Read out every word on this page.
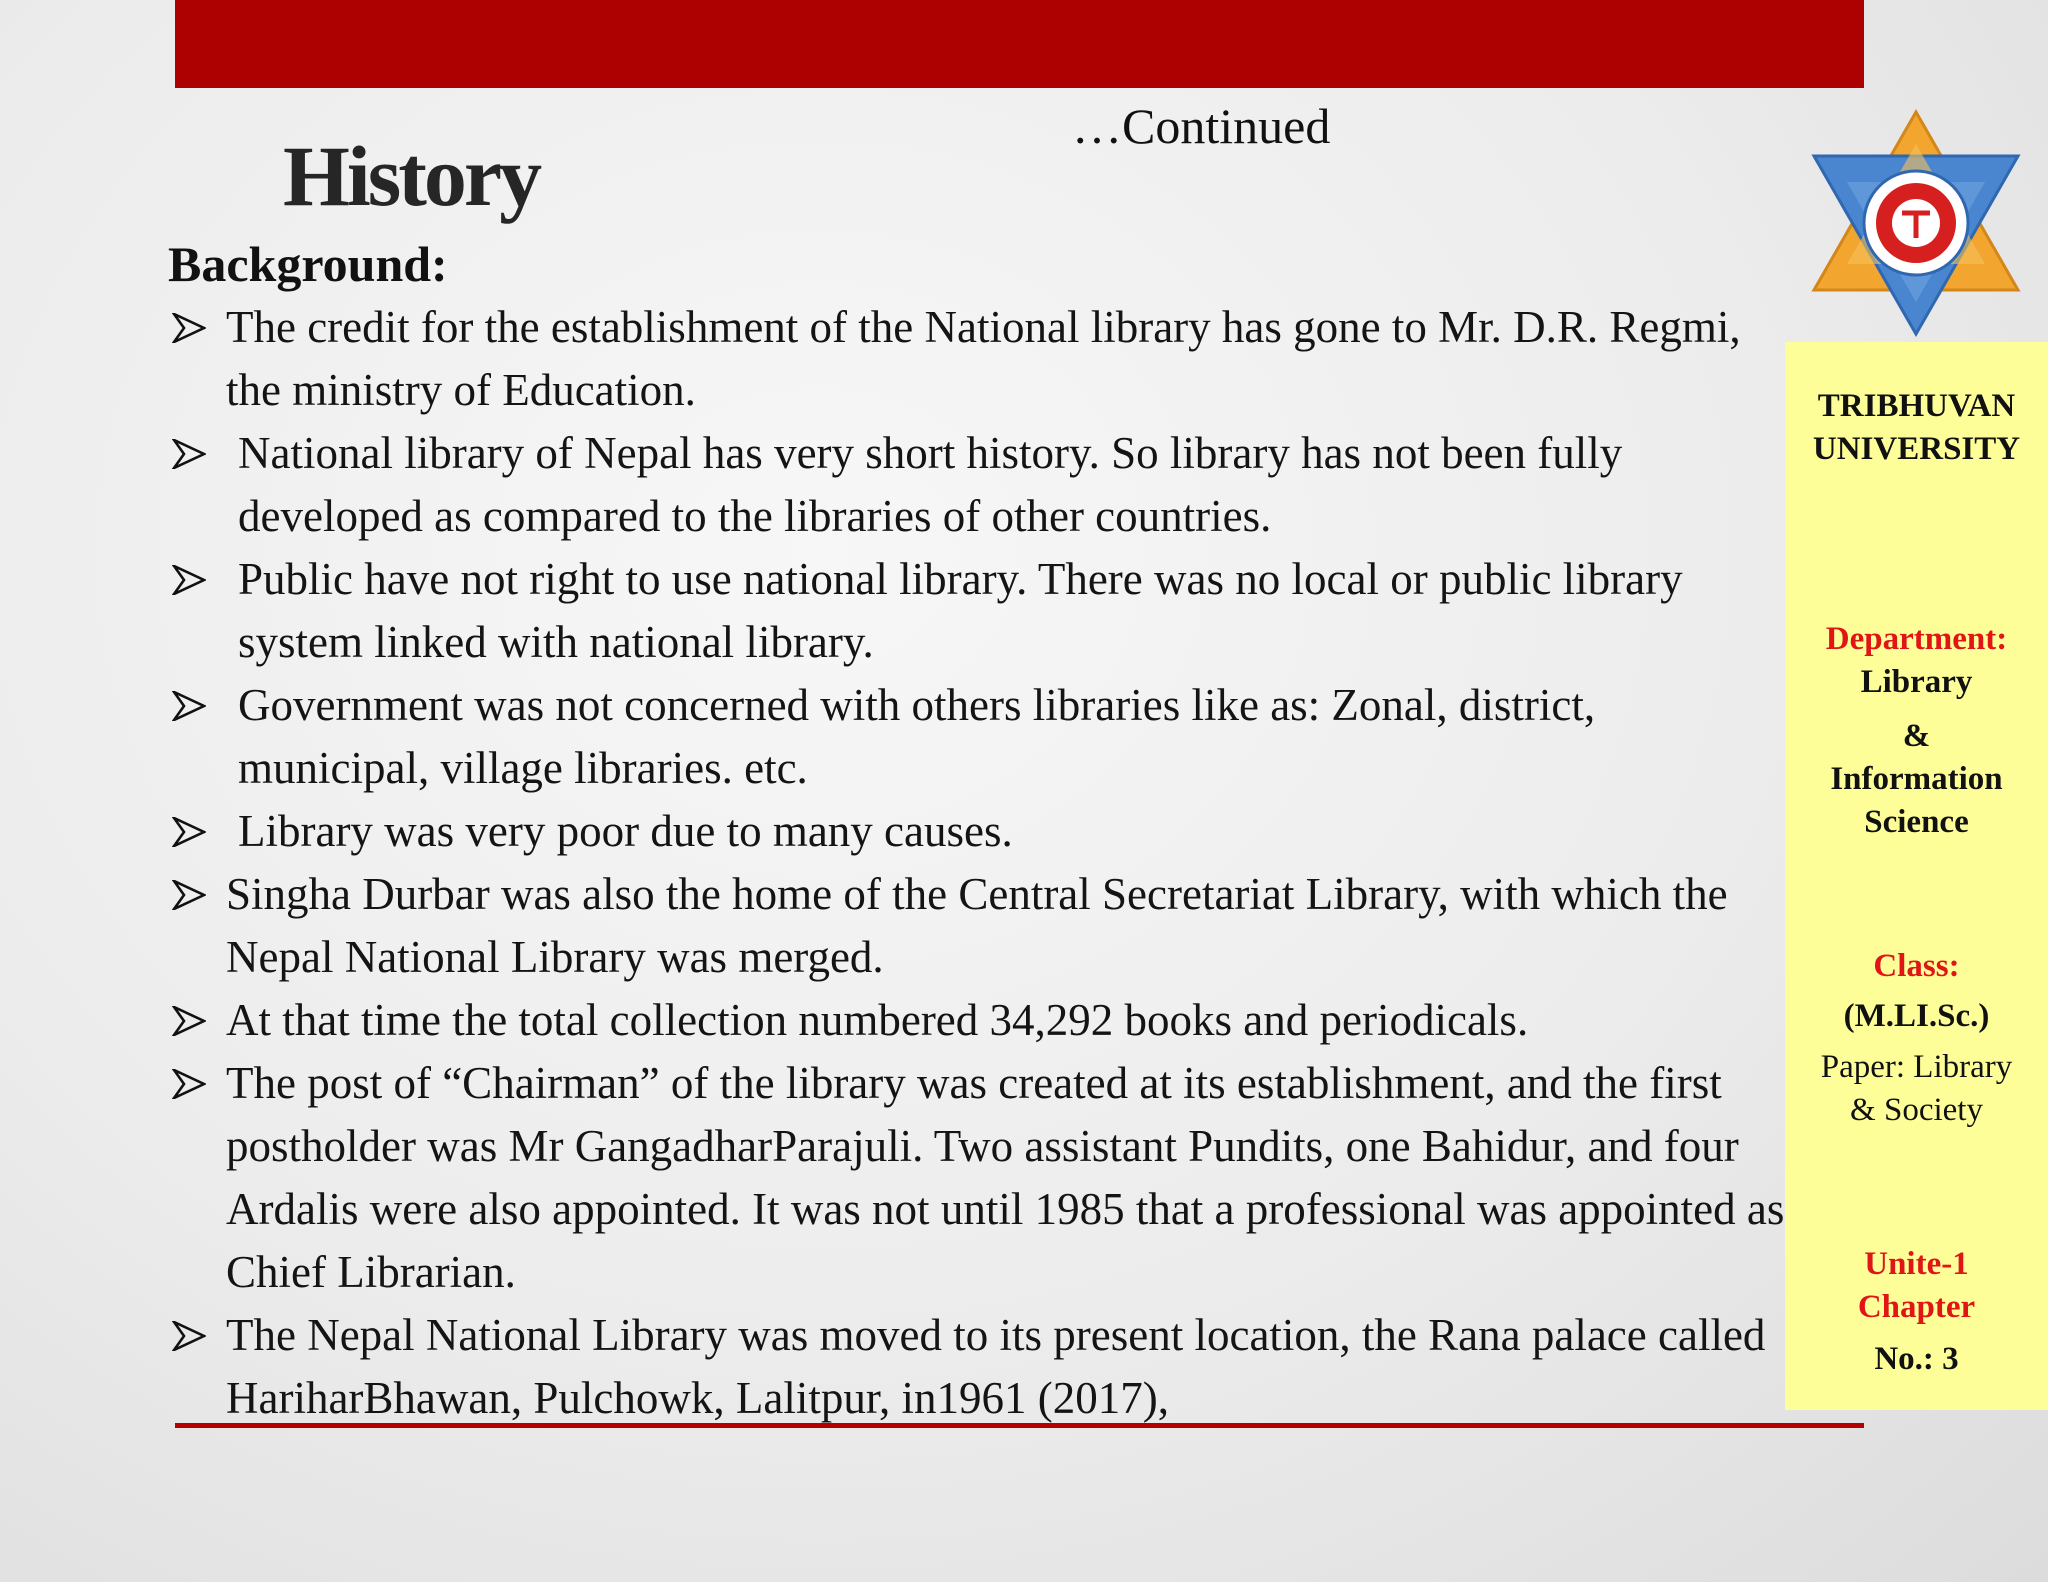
…Continued
History
Background:
The credit for the establishment of the National library has gone to Mr. D.R. Regmi, the ministry of Education.
National library of Nepal has very short history. So library has not been fully developed as compared to the libraries of other countries.
Public have not right to use national library. There was no local or public library system linked with national library.
Government was not concerned with others libraries like as: Zonal, district, municipal, village libraries. etc.
Library was very poor due to many causes.
Singha Durbar was also the home of the Central Secretariat Library, with which the Nepal National Library was merged.
At that time the total collection numbered 34,292 books and periodicals.
The post of “Chairman” of the library was created at its establishment, and the first postholder was Mr GangadharParajuli. Two assistant Pundits, one Bahidur, and four Ardalis were also appointed. It was not until 1985 that a professional was appointed as Chief Librarian.
The Nepal National Library was moved to its present location, the Rana palace called HariharBhawan, Pulchowk, Lalitpur, in1961 (2017),

TRIBHUVAN

UNIVERSITY

Department:

Library

&

Information

Science

Class:

(M.LI.Sc.)

Paper: Library

& Society

Unite-1

Chapter

No.: 3
